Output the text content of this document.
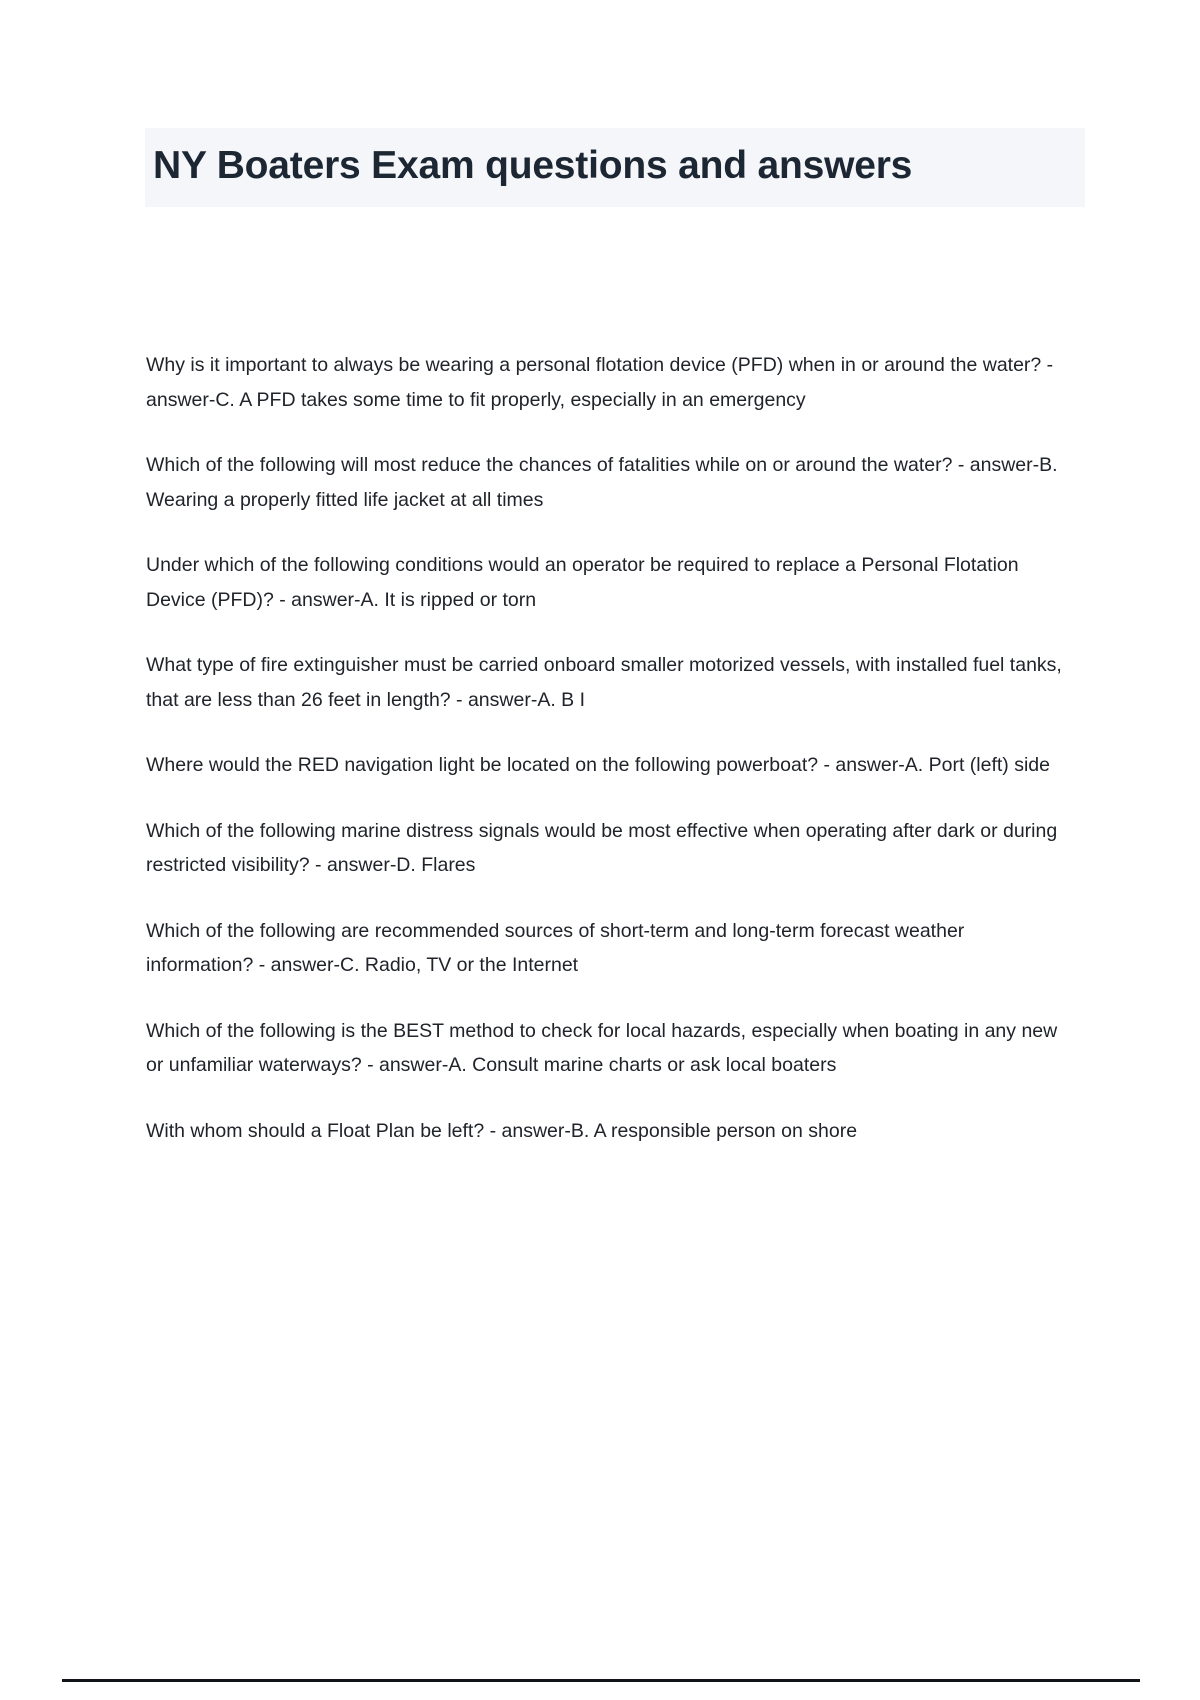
NY Boaters Exam questions and answers

Why is it important to always be wearing a personal flotation device (PFD) when in or around the water? - answer-C. A PFD takes some time to fit properly, especially in an emergency

Which of the following will most reduce the chances of fatalities while on or around the water? - answer-B. Wearing a properly fitted life jacket at all times

Under which of the following conditions would an operator be required to replace a Personal Flotation Device (PFD)? - answer-A. It is ripped or torn

What type of fire extinguisher must be carried onboard smaller motorized vessels, with installed fuel tanks, that are less than 26 feet in length? - answer-A. B I

Where would the RED navigation light be located on the following powerboat? - answer-A. Port (left) side

Which of the following marine distress signals would be most effective when operating after dark or during restricted visibility? - answer-D. Flares

Which of the following are recommended sources of short-term and long-term forecast weather information? - answer-C. Radio, TV or the Internet

Which of the following is the BEST method to check for local hazards, especially when boating in any new or unfamiliar waterways? - answer-A. Consult marine charts or ask local boaters

With whom should a Float Plan be left? - answer-B. A responsible person on shore
